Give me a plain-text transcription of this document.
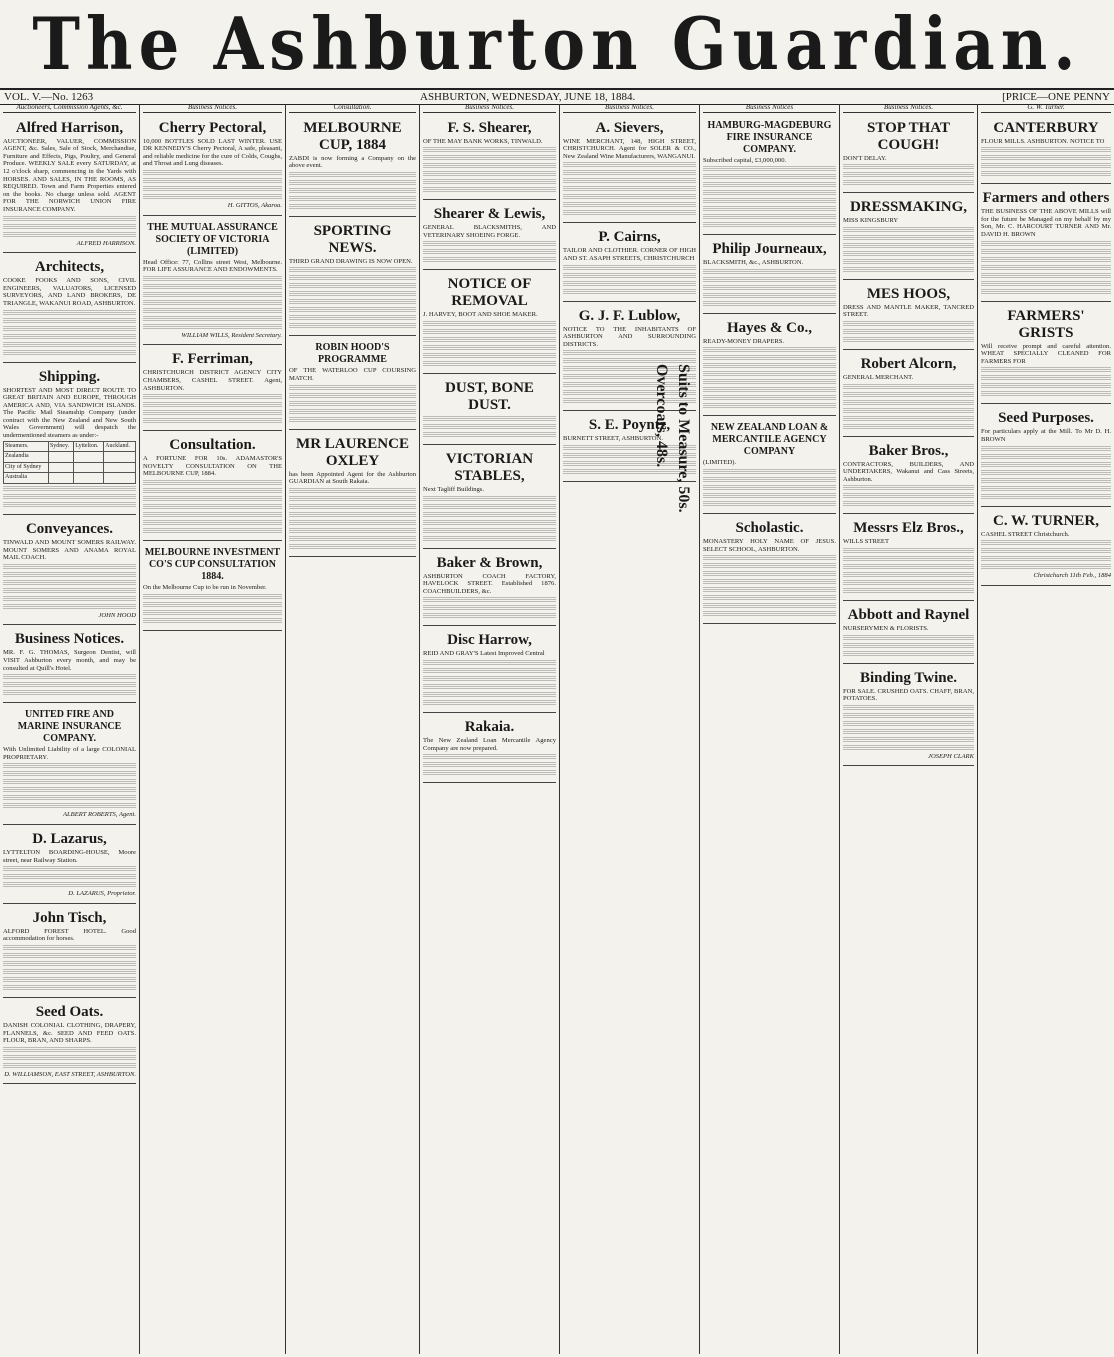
The Ashburton Guardian.
VOL. V.—No. 1263	ASHBURTON, WEDNESDAY, JUNE 18, 1884.	[PRICE—ONE PENNY
Auctioneers, Commission Agents, &c.

Alfred Harrison,

AUCTIONEER, VALUER, COMMISSION AGENT, &c. Sales, Sale of Stock, Merchandise, Furniture and Effects, Pigs, Poultry, and General Produce. WEEKLY SALE every SATURDAY, at 12 o'clock sharp, commencing in the Yards with HORSES. AND SALES, IN THE ROOMS, AS REQUIRED. Town and Farm Properties entered on the books. No charge unless sold. AGENT FOR THE NORWICH UNION FIRE INSURANCE COMPANY.

ALFRED HARRISON.

Architects,

COOKE FOOKS AND SONS, CIVIL ENGINEERS, VALUATORS, LICENSED SURVEYORS, AND LAND BROKERS, DE TRIANGLE, WAKANUI ROAD, ASHBURTON.

Shipping.

SHORTEST AND MOST DIRECT ROUTE TO GREAT BRITAIN AND EUROPE, THROUGH AMERICA AND, VIA SANDWICH ISLANDS. The Pacific Mail Steamship Company (under contract with the New Zealand and New South Wales Government) will despatch the undermentioned steamers as under:-

Steamers.	Sydney.	Lyttelton.	Auckland.
Zealandia			
City of Sydney			
Australia			

Conveyances.

TINWALD AND MOUNT SOMERS RAILWAY. MOUNT SOMERS AND ANAMA ROYAL MAIL COACH.

JOHN HOOD

Business Notices.

MR. F. G. THOMAS, Surgeon Dentist, will VISIT Ashburton every month, and may be consulted at Quill's Hotel.

UNITED FIRE AND MARINE INSURANCE COMPANY.

With Unlimited Liability of a large COLONIAL PROPRIETARY.

ALBERT ROBERTS, Agent.

D. Lazarus,

LYTTELTON BOARDING-HOUSE, Moore street, near Railway Station.

D. LAZARUS, Proprietor.

John Tisch,

ALFORD FOREST HOTEL. Good accommodation for horses.

Seed Oats.

DANISH COLONIAL CLOTHING, DRAPERY, FLANNELS, &c. SEED AND FEED OATS. FLOUR, BRAN, AND SHARPS.

D. WILLIAMSON, EAST STREET, ASHBURTON.

Business Notices.

Cherry Pectoral,

10,000 BOTTLES SOLD LAST WINTER. USE DR KENNEDY'S Cherry Pectoral, A safe, pleasant, and reliable medicine for the cure of Colds, Coughs, and Throat and Lung diseases.

H. GITTOS, Akaroa.

THE MUTUAL ASSURANCE SOCIETY OF VICTORIA (LIMITED)

Head Office: 77, Collins street West, Melbourne. FOR LIFE ASSURANCE AND ENDOWMENTS.

WILLIAM WILLS, Resident Secretary.

F. Ferriman,

CHRISTCHURCH DISTRICT AGENCY CITY CHAMBERS, CASHEL STREET. Agent, ASHBURTON.

Consultation.

A FORTUNE FOR 10s. ADAMASTOR'S NOVELTY CONSULTATION ON THE MELBOURNE CUP, 1884.

MELBOURNE INVESTMENT CO'S CUP CONSULTATION 1884.

On the Melbourne Cup to be run in November.

Consultation.

MELBOURNE CUP, 1884

ZABDI is now forming a Company on the above event.

SPORTING NEWS.

THIRD GRAND DRAWING IS NOW OPEN.

ROBIN HOOD'S PROGRAMME

OF THE WATERLOO CUP COURSING MATCH.

MR LAURENCE OXLEY

has been Appointed Agent for the Ashburton GUARDIAN at South Rakaia.

Business Notices.

F. S. Shearer,

OF THE MAY BANK WORKS, TINWALD.

Shearer & Lewis,

GENERAL BLACKSMITHS, AND VETERINARY SHOEING FORGE.

NOTICE OF REMOVAL

J. HARVEY, BOOT AND SHOE MAKER.

DUST, BONE DUST.

VICTORIAN STABLES,

Next Tagliff Buildings.

Baker & Brown,

ASHBURTON COACH FACTORY, HAVELOCK STREET. Established 1876. COACHBUILDERS, &c.

Disc Harrow,

REID AND GRAY'S Latest Improved Central

Rakaia.

The New Zealand Loan Mercantile Agency Company are now prepared.

Business Notices.

A. Sievers,

WINE MERCHANT, 148, HIGH STREET, CHRISTCHURCH. Agent for SOLER & CO., New Zealand Wine Manufacturers, WANGANUI.

P. Cairns,

TAILOR AND CLOTHIER. CORNER OF HIGH AND ST. ASAPH STREETS, CHRISTCHURCH

G. J. F. Lublow,

NOTICE TO THE INHABITANTS OF ASHBURTON AND SURROUNDING DISTRICTS.

S. E. Poyntz,

BURNETT STREET, ASHBURTON.

Overcoats, 48s. Suits to Measure, 50s.
Business Notices

HAMBURG-MAGDEBURG FIRE INSURANCE COMPANY.

Subscribed capital, £3,000,000.

Philip Journeaux,

BLACKSMITH, &c., ASHBURTON.

Hayes & Co.,

READY-MONEY DRAPERS.

NEW ZEALAND LOAN & MERCANTILE AGENCY COMPANY

(LIMITED).

Scholastic.

MONASTERY HOLY NAME OF JESUS. SELECT SCHOOL, ASHBURTON.

Business Notices.

STOP THAT COUGH!

DON'T DELAY.

DRESSMAKING,

MISS KINGSBURY

MES HOOS,

DRESS AND MANTLE MAKER, TANCRED STREET.

Robert Alcorn,

GENERAL MERCHANT.

Baker Bros.,

CONTRACTORS, BUILDERS, AND UNDERTAKERS, Wakanui and Cass Streets, Ashburton.

Messrs Elz Bros.,

WILLS STREET

Abbott and Raynel

NURSERYMEN & FLORISTS.

Binding Twine.

FOR SALE. CRUSHED OATS. CHAFF, BRAN, POTATOES.

JOSEPH CLARK

G. W. Turner.

CANTERBURY

FLOUR MILLS. ASHBURTON. NOTICE TO

Farmers and others

THE BUSINESS OF THE ABOVE MILLS will for the future be Managed on my behalf by my Son, Mr. C. HARCOURT TURNER AND Mr. DAVID H. BROWN

FARMERS' GRISTS

Will receive prompt and careful attention. WHEAT SPECIALLY CLEANED FOR FARMERS FOR

Seed Purposes.

For particulars apply at the Mill. To Mr D. H. BROWN

C. W. TURNER,

CASHEL STREET Christchurch.

Christchurch 11th Feb., 1884
